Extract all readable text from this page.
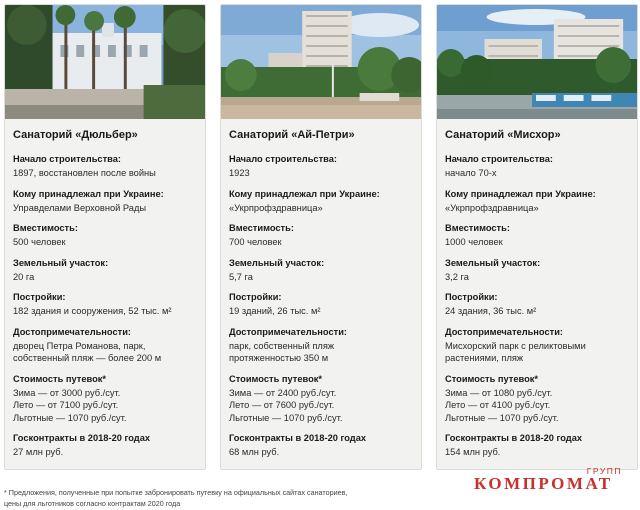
Санаторий «Дюльбер»
Начало строительства:
1897, восстановлен после войны
Кому принадлежал при Украине:
Управделами Верховной Рады
Вместимость:
500 человек
Земельный участок:
20 га
Постройки:
182 здания и сооружения, 52 тыс. м²
Достопримечательности:
дворец Петра Романова, парк,
собственный пляж — более 200 м
Стоимость путевок*
Зима — от 3000 руб./сут.
Лето — от 7100 руб./сут.
Льготные — 1070 руб./сут.
Госконтракты в 2018-20 годах
27 млн руб.
Санаторий «Ай-Петри»
Начало строительства:
1923
Кому принадлежал при Украине:
«Укрпрофздравница»
Вместимость:
700 человек
Земельный участок:
5,7 га
Постройки:
19 зданий, 26 тыс. м²
Достопримечательности:
парк, собственный пляж
протяженностью 350 м
Стоимость путевок*
Зима — от 2400 руб./сут.
Лето — от 7600 руб./сут.
Льготные — 1070 руб./сут.
Госконтракты в 2018-20 годах
68 млн руб.
Санаторий «Мисхор»
Начало строительства:
начало 70-х
Кому принадлежал при Украине:
«Укрпрофздравница»
Вместимость:
1000 человек
Земельный участок:
3,2 га
Постройки:
24 здания, 36 тыс. м²
Достопримечательности:
Мисхорский парк с реликтовыми
растениями, пляж
Стоимость путевок*
Зима — от 1080 руб./сут.
Лето — от 4100 руб./сут.
Льготные — 1070 руб./сут.
Госконтракты в 2018-20 годах
154 млн руб.
ГРУПП
КОМПРОМАТ
* Предложения, полученные при попытке забронировать путевку на официальных сайтах санаториев,
цены для льготников согласно контрактам 2020 года
